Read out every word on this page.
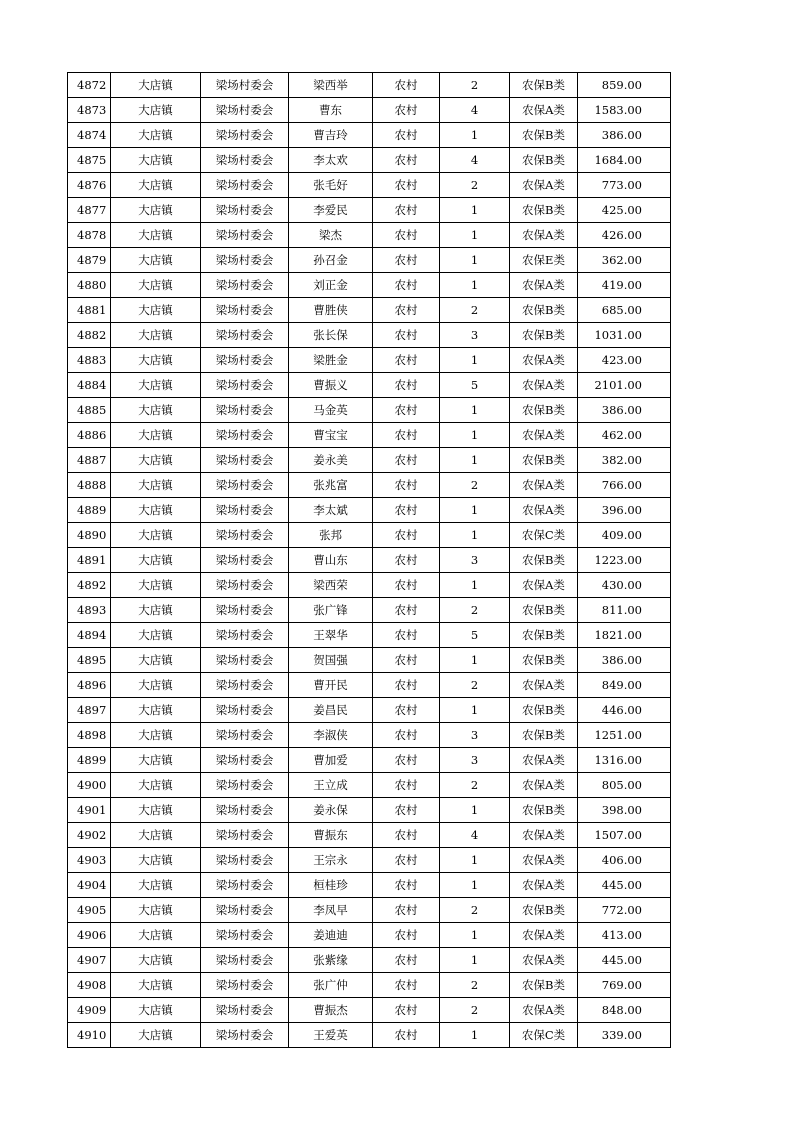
4872	大店镇	梁场村委会	梁西举	农村	2	农保B类	859.00
4873	大店镇	梁场村委会	曹东	农村	4	农保A类	1583.00
4874	大店镇	梁场村委会	曹吉玲	农村	1	农保B类	386.00
4875	大店镇	梁场村委会	李太欢	农村	4	农保B类	1684.00
4876	大店镇	梁场村委会	张毛好	农村	2	农保A类	773.00
4877	大店镇	梁场村委会	李爱民	农村	1	农保B类	425.00
4878	大店镇	梁场村委会	梁杰	农村	1	农保A类	426.00
4879	大店镇	梁场村委会	孙召金	农村	1	农保E类	362.00
4880	大店镇	梁场村委会	刘正金	农村	1	农保A类	419.00
4881	大店镇	梁场村委会	曹胜侠	农村	2	农保B类	685.00
4882	大店镇	梁场村委会	张长保	农村	3	农保B类	1031.00
4883	大店镇	梁场村委会	梁胜金	农村	1	农保A类	423.00
4884	大店镇	梁场村委会	曹振义	农村	5	农保A类	2101.00
4885	大店镇	梁场村委会	马金英	农村	1	农保B类	386.00
4886	大店镇	梁场村委会	曹宝宝	农村	1	农保A类	462.00
4887	大店镇	梁场村委会	姜永美	农村	1	农保B类	382.00
4888	大店镇	梁场村委会	张兆富	农村	2	农保A类	766.00
4889	大店镇	梁场村委会	李太斌	农村	1	农保A类	396.00
4890	大店镇	梁场村委会	张邦	农村	1	农保C类	409.00
4891	大店镇	梁场村委会	曹山东	农村	3	农保B类	1223.00
4892	大店镇	梁场村委会	梁西荣	农村	1	农保A类	430.00
4893	大店镇	梁场村委会	张广锋	农村	2	农保B类	811.00
4894	大店镇	梁场村委会	王翠华	农村	5	农保B类	1821.00
4895	大店镇	梁场村委会	贺国强	农村	1	农保B类	386.00
4896	大店镇	梁场村委会	曹开民	农村	2	农保A类	849.00
4897	大店镇	梁场村委会	姜昌民	农村	1	农保B类	446.00
4898	大店镇	梁场村委会	李淑侠	农村	3	农保B类	1251.00
4899	大店镇	梁场村委会	曹加爱	农村	3	农保A类	1316.00
4900	大店镇	梁场村委会	王立成	农村	2	农保A类	805.00
4901	大店镇	梁场村委会	姜永保	农村	1	农保B类	398.00
4902	大店镇	梁场村委会	曹振东	农村	4	农保A类	1507.00
4903	大店镇	梁场村委会	王宗永	农村	1	农保A类	406.00
4904	大店镇	梁场村委会	桓桂珍	农村	1	农保A类	445.00
4905	大店镇	梁场村委会	李凤早	农村	2	农保B类	772.00
4906	大店镇	梁场村委会	姜迪迪	农村	1	农保A类	413.00
4907	大店镇	梁场村委会	张紫缘	农村	1	农保A类	445.00
4908	大店镇	梁场村委会	张广仲	农村	2	农保B类	769.00
4909	大店镇	梁场村委会	曹振杰	农村	2	农保A类	848.00
4910	大店镇	梁场村委会	王爱英	农村	1	农保C类	339.00
